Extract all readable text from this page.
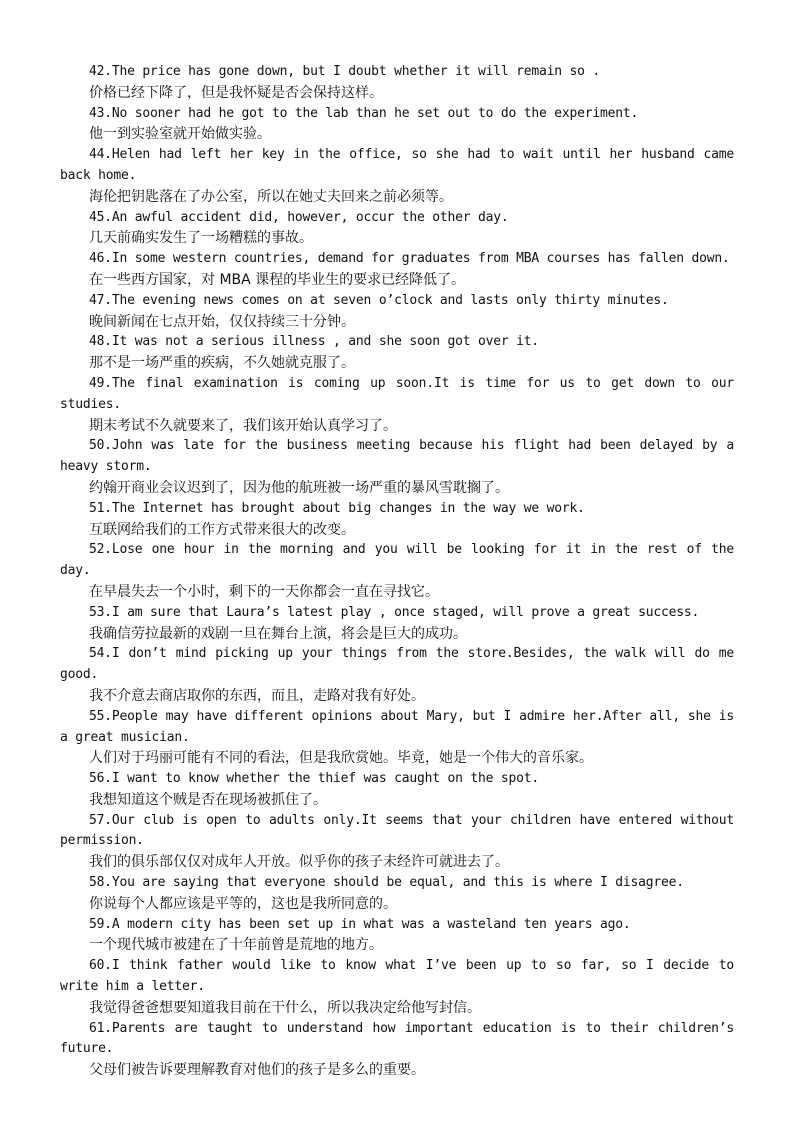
42.The price has gone down, but I doubt whether it will remain so .

价格已经下降了，但是我怀疑是否会保持这样。

43.No sooner had he got to the lab than he set out to do the experiment.

他一到实验室就开始做实验。

44.Helen had left her key in the office, so she had to wait until her husband came back home.

海伦把钥匙落在了办公室，所以在她丈夫回来之前必须等。

45.An awful accident did, however, occur the other day.

几天前确实发生了一场糟糕的事故。

46.In some western countries, demand for graduates from MBA courses has fallen down.

在一些西方国家，对 MBA 课程的毕业生的要求已经降低了。

47.The evening news comes on at seven o’clock and lasts only thirty minutes.

晚间新闻在七点开始，仅仅持续三十分钟。

48.It was not a serious illness , and she soon got over it.

那不是一场严重的疾病，不久她就克服了。

49.The final examination is coming up soon.It is time for us to get down to our studies.

期末考试不久就要来了，我们该开始认真学习了。

50.John was late for the business meeting because his flight had been delayed by a heavy storm.

约翰开商业会议迟到了，因为他的航班被一场严重的暴风雪耽搁了。

51.The Internet has brought about big changes in the way we work.

互联网给我们的工作方式带来很大的改变。

52.Lose one hour in the morning and you will be looking for it in the rest of the day.

在早晨失去一个小时，剩下的一天你都会一直在寻找它。

53.I am sure that Laura’s latest play , once staged, will prove a great success.

我确信劳拉最新的戏剧一旦在舞台上演，将会是巨大的成功。

54.I don’t mind picking up your things from the store.Besides, the walk will do me good.

我不介意去商店取你的东西，而且，走路对我有好处。

55.People may have different opinions about Mary, but I admire her.After all, she is a great musician.

人们对于玛丽可能有不同的看法，但是我欣赏她。毕竟，她是一个伟大的音乐家。

56.I want to know whether the thief was caught on the spot.

我想知道这个贼是否在现场被抓住了。

57.Our club is open to adults only.It seems that your children have entered without permission.

我们的俱乐部仅仅对成年人开放。似乎你的孩子未经许可就进去了。

58.You are saying that everyone should be equal, and this is where I disagree.

你说每个人都应该是平等的，这也是我所同意的。

59.A modern city has been set up in what was a wasteland ten years ago.

一个现代城市被建在了十年前曾是荒地的地方。

60.I think father would like to know what I’ve been up to so far, so I decide to write him a letter.

我觉得爸爸想要知道我目前在干什么，所以我决定给他写封信。

61.Parents are taught to understand how important education is to their children’s future.

父母们被告诉要理解教育对他们的孩子是多么的重要。
